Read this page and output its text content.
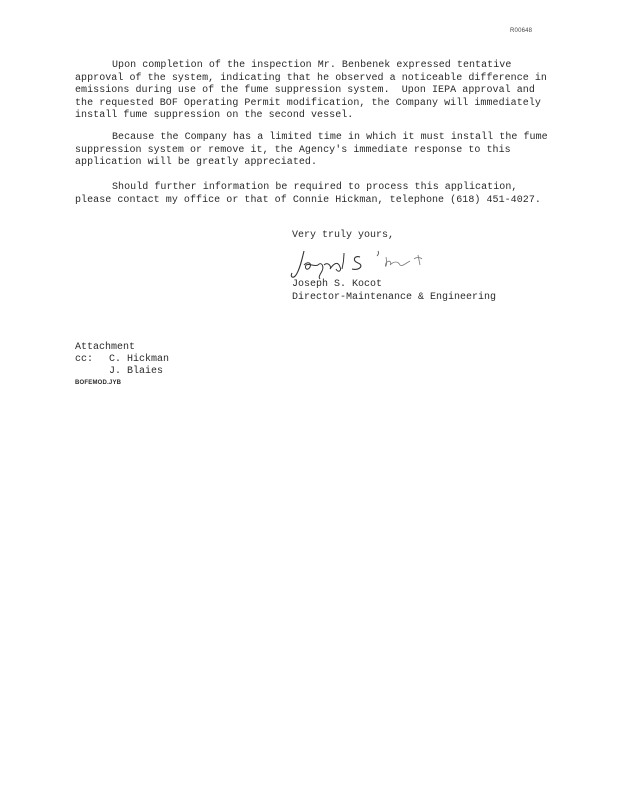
R00648
Upon completion of the inspection Mr. Benbenek expressed tentative
approval of the system, indicating that he observed a noticeable difference in
emissions during use of the fume suppression system.  Upon IEPA approval and
the requested BOF Operating Permit modification, the Company will immediately
install fume suppression on the second vessel.
Because the Company has a limited time in which it must install the fume
suppression system or remove it, the Agency's immediate response to this
application will be greatly appreciated.
Should further information be required to process this application,
please contact my office or that of Connie Hickman, telephone (618) 451-4027.
Very truly yours,
Joseph S. Kocot
Director-Maintenance & Engineering
Attachment
cc:	C. Hickman
J. Blaies
BOFEMOD.JYB
